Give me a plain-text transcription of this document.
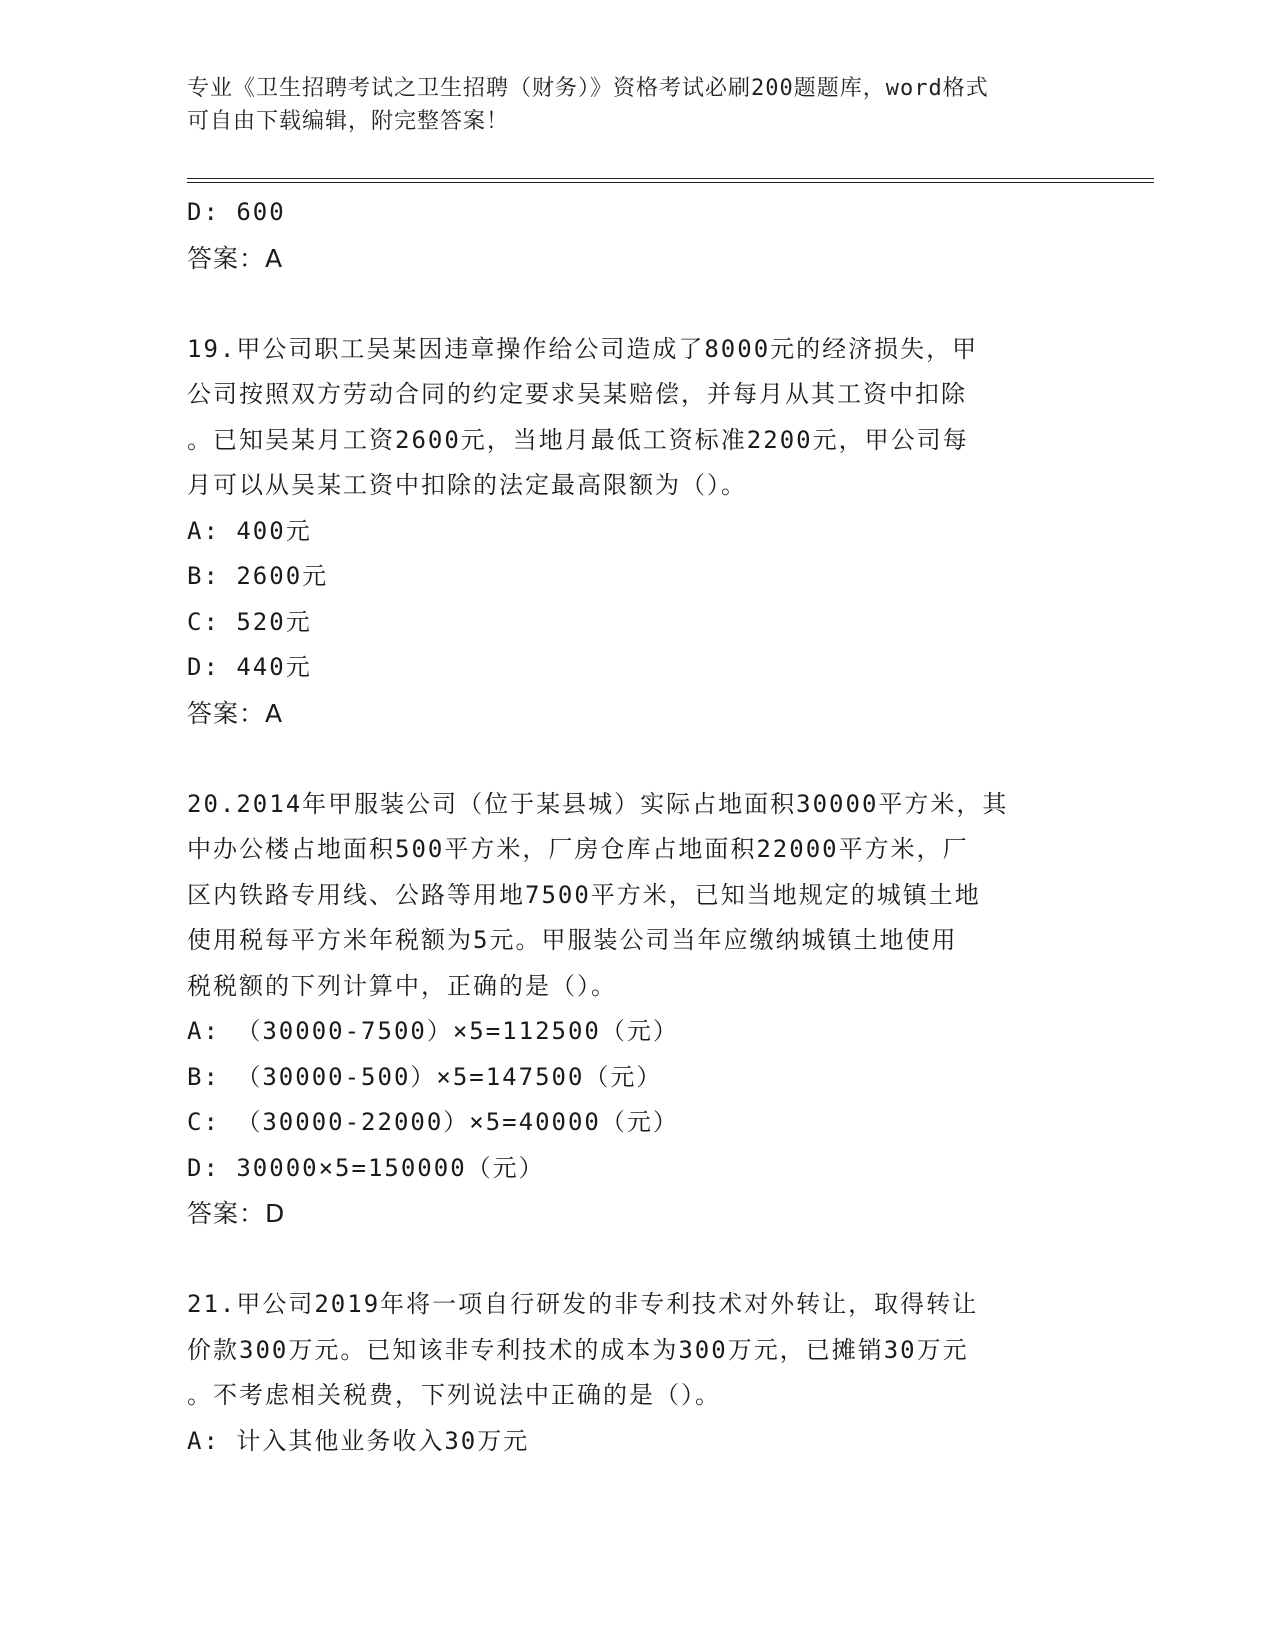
专业《卫生招聘考试之卫生招聘（财务）》资格考试必刷200题题库，word格式
可自由下载编辑，附完整答案！
D: 600
答案：A
19.甲公司职工吴某因违章操作给公司造成了8000元的经济损失，甲
公司按照双方劳动合同的约定要求吴某赔偿，并每月从其工资中扣除
。已知吴某月工资2600元，当地月最低工资标准2200元，甲公司每
月可以从吴某工资中扣除的法定最高限额为（）。
A: 400元
B: 2600元
C: 520元
D: 440元
答案：A
20.2014年甲服装公司（位于某县城）实际占地面积30000平方米，其
中办公楼占地面积500平方米，厂房仓库占地面积22000平方米，厂
区内铁路专用线、公路等用地7500平方米，已知当地规定的城镇土地
使用税每平方米年税额为5元。甲服装公司当年应缴纳城镇土地使用
税税额的下列计算中，正确的是（）。
A: （30000-7500）×5=112500（元）
B: （30000-500）×5=147500（元）
C: （30000-22000）×5=40000（元）
D: 30000×5=150000（元）
答案：D
21.甲公司2019年将一项自行研发的非专利技术对外转让，取得转让
价款300万元。已知该非专利技术的成本为300万元，已摊销30万元
。不考虑相关税费，下列说法中正确的是（）。
A: 计入其他业务收入30万元
